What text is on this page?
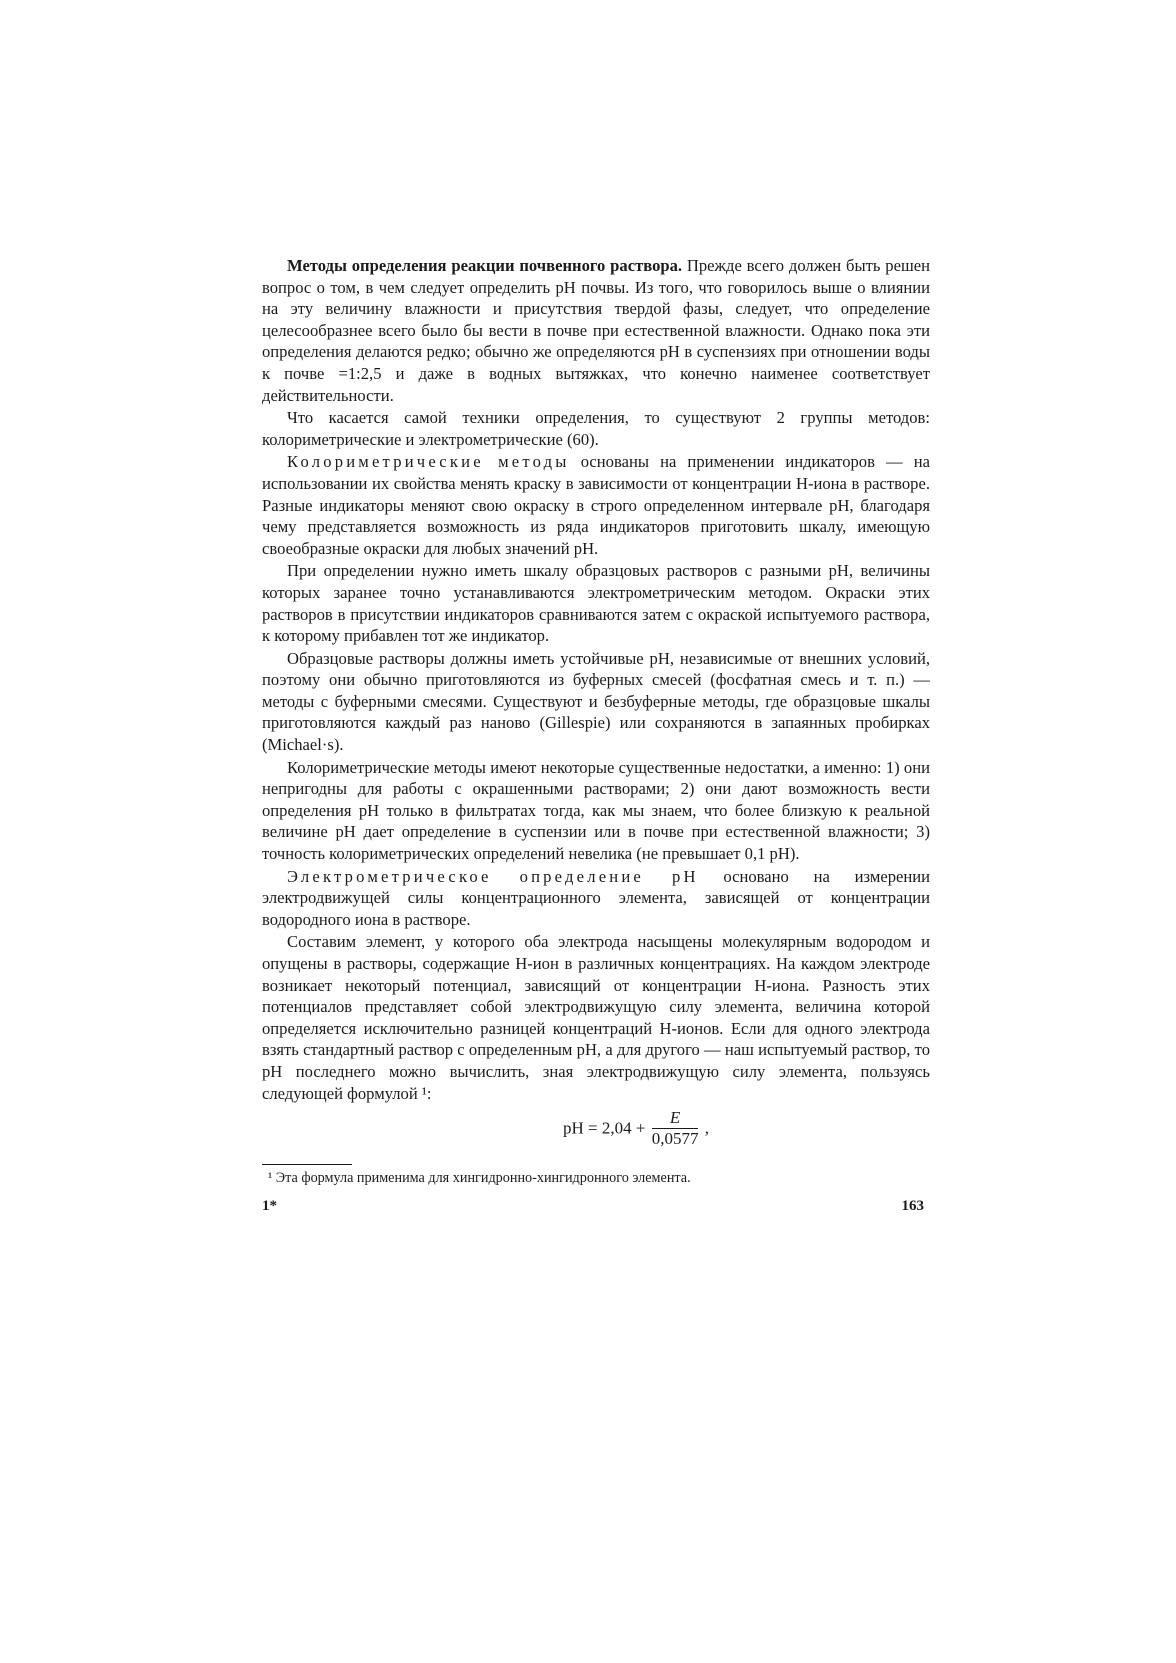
Методы определения реакции почвенного раствора. Прежде всего должен быть решен вопрос о том, в чем следует определить pH почвы. Из того, что говорилось выше о влиянии на эту величину влажности и присутствия твердой фазы, следует, что определение целесообразнее всего было бы вести в почве при естественной влажности. Однако пока эти определения делаются редко; обычно же определяются pH в суспензиях при отношении воды к почве =1:2,5 и даже в водных вытяжках, что конечно наименее соответствует действительности.

Что касается самой техники определения, то существуют 2 группы методов: колориметрические и электрометрические (60).

Колориметрические методы основаны на применении индикаторов — на использовании их свойства менять краску в зависимости от концентрации Н-иона в растворе. Разные индикаторы меняют свою окраску в строго определенном интервале pH, благодаря чему представляется возможность из ряда индикаторов приготовить шкалу, имеющую своеобразные окраски для любых значений pH.

При определении нужно иметь шкалу образцовых растворов с разными pH, величины которых заранее точно устанавливаются электрометрическим методом. Окраски этих растворов в присутствии индикаторов сравниваются затем с окраской испытуемого раствора, к которому прибавлен тот же индикатор.

Образцовые растворы должны иметь устойчивые pH, независимые от внешних условий, поэтому они обычно приготовляются из буферных смесей (фосфатная смесь и т. п.) — методы с буферными смесями. Существуют и безбуферные методы, где образцовые шкалы приготовляются каждый раз наново (Gillespie) или сохраняются в запаянных пробирках (Michael·s).

Колориметрические методы имеют некоторые существенные недостатки, а именно: 1) они непригодны для работы с окрашенными растворами; 2) они дают возможность вести определения pH только в фильтратах тогда, как мы знаем, что более близкую к реальной величине pH дает определение в суспензии или в почве при естественной влажности; 3) точность колориметрических определений невелика (не превышает 0,1 pH).

Электрометрическое определение pH основано на измерении электродвижущей силы концентрационного элемента, зависящей от концентрации водородного иона в растворе.

Составим элемент, у которого оба электрода насыщены молекулярным водородом и опущены в растворы, содержащие Н-ион в различных концентрациях. На каждом электроде возникает некоторый потенциал, зависящий от концентрации Н-иона. Разность этих потенциалов представляет собой электродвижущую силу элемента, величина которой определяется исключительно разницей концентраций Н-ионов. Если для одного электрода взять стандартный раствор с определенным pH, а для другого — наш испытуемый раствор, то pH последнего можно вычислить, зная электродвижущую силу элемента, пользуясь следующей формулой ¹:

pH = $2,04 + \frac{E}{0,0577}$ ,

¹ Эта формула применима для хингидронно-хингидронного элемента.

1*	163
